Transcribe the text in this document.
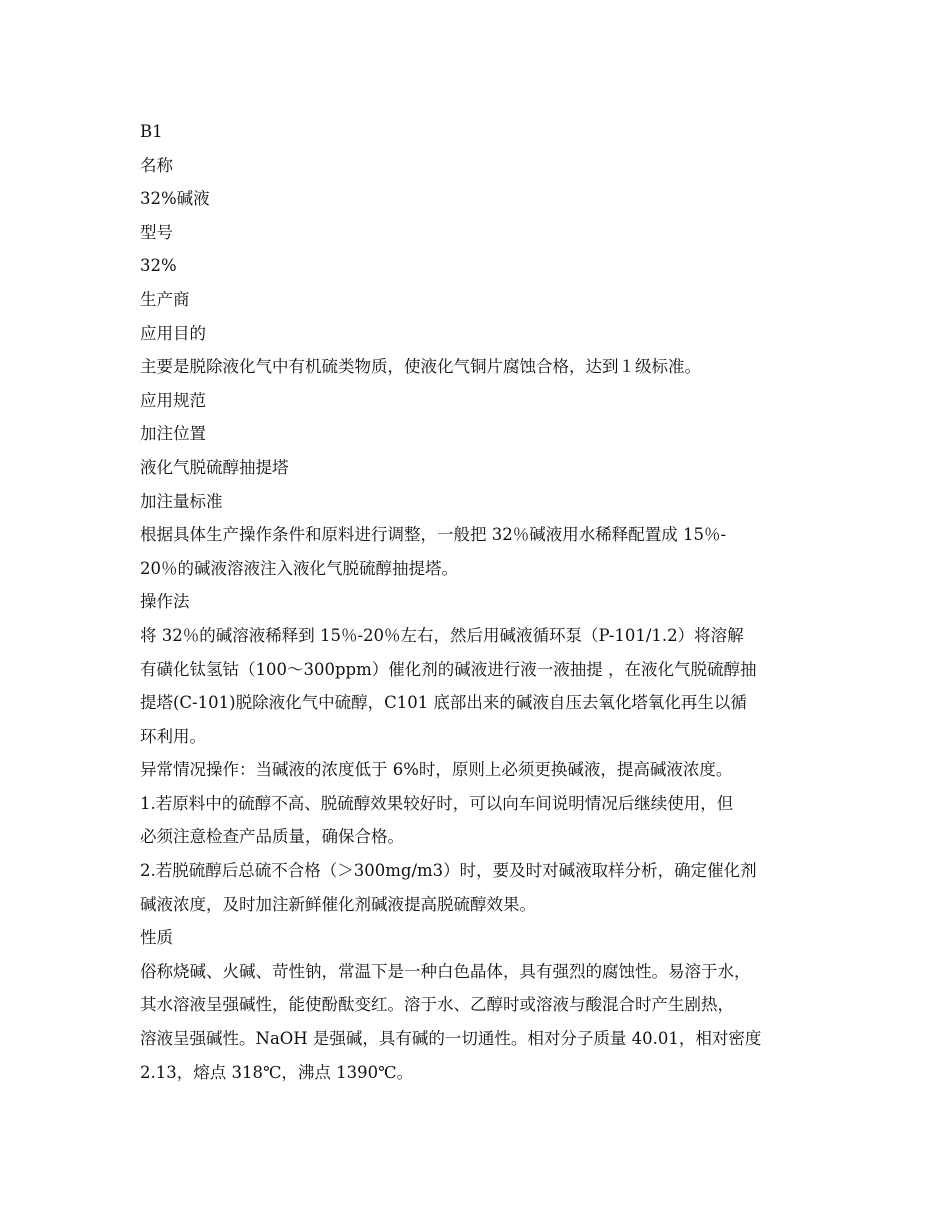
B1
名称
32%碱液
型号
32%
生产商
应用目的
主要是脱除液化气中有机硫类物质，使液化气铜片腐蚀合格，达到１级标准。
应用规范
加注位置
液化气脱硫醇抽提塔
加注量标准
根据具体生产操作条件和原料进行调整，一般把 32％碱液用水稀释配置成 15％-
20％的碱液溶液注入液化气脱硫醇抽提塔。
操作法
将 32％的碱溶液稀释到 15％-20％左右，然后用碱液循环泵（P-101/1.2）将溶解
有磺化钛氢钴（100～300ppm）催化剂的碱液进行液一液抽提 ，在液化气脱硫醇抽
提塔(C-101)脱除液化气中硫醇，C101 底部出来的碱液自压去氧化塔氧化再生以循
环利用。
异常情况操作：当碱液的浓度低于 6%时，原则上必须更换碱液，提高碱液浓度。
1.若原料中的硫醇不高、脱硫醇效果较好时，可以向车间说明情况后继续使用，但
必须注意检查产品质量，确保合格。
2.若脱硫醇后总硫不合格（＞300mg/m3）时，要及时对碱液取样分析，确定催化剂
碱液浓度，及时加注新鲜催化剂碱液提高脱硫醇效果。
性质
俗称烧碱、火碱、苛性钠，常温下是一种白色晶体，具有强烈的腐蚀性。易溶于水，
其水溶液呈强碱性，能使酚酞变红。溶于水、乙醇时或溶液与酸混合时产生剧热，
溶液呈强碱性。NaOH 是强碱，具有碱的一切通性。相对分子质量 40.01，相对密度
2.13，熔点 318℃，沸点 1390℃。
